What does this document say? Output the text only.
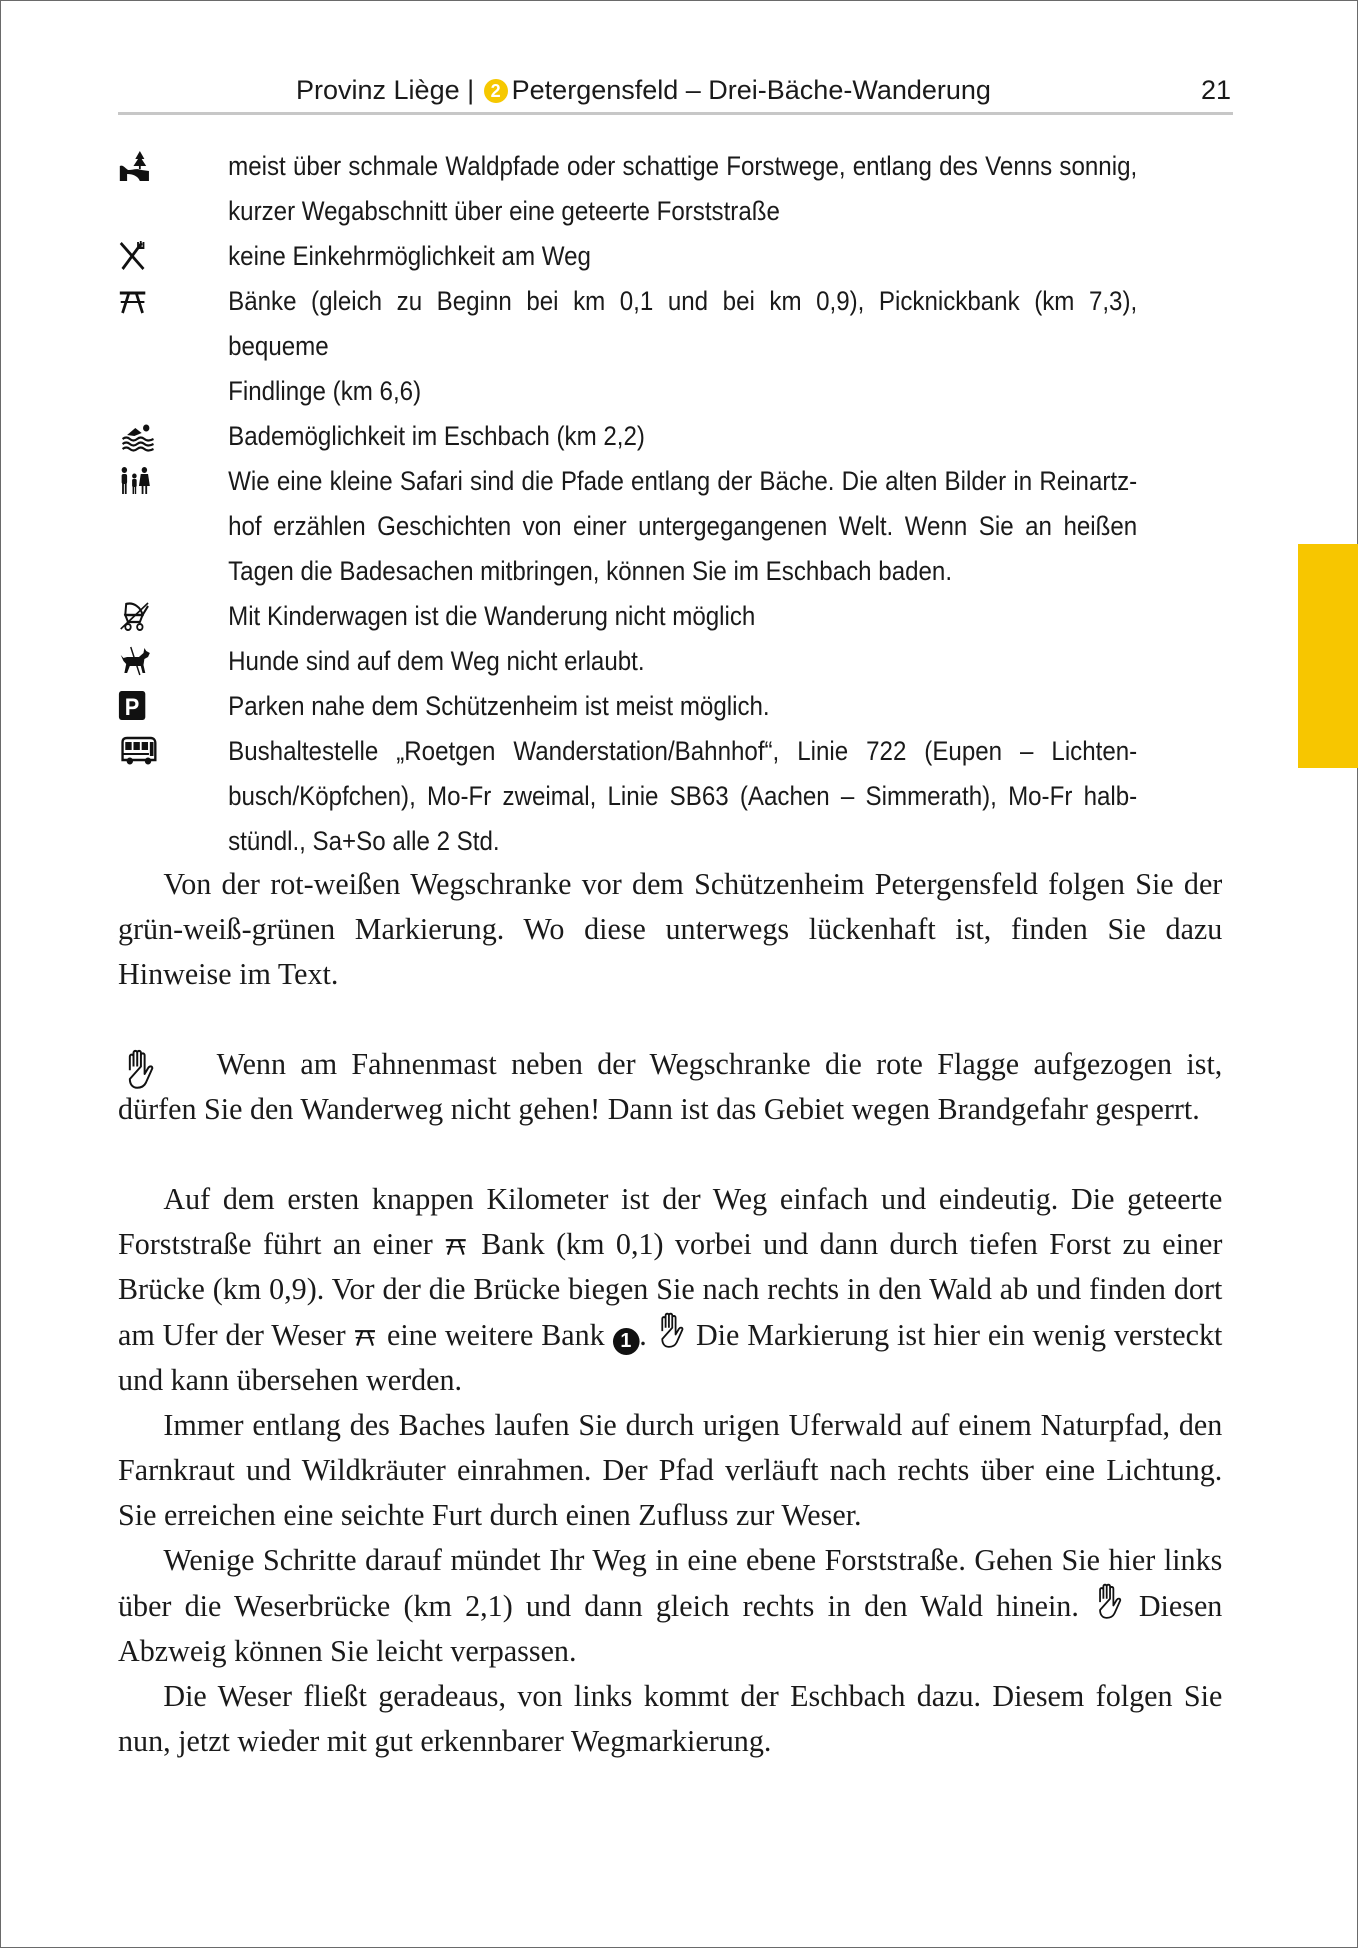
Provinz Liège | 2 Petergensfeld – Drei-Bäche-Wanderung	21
meist über schmale Waldpfade oder schattige Forstwege, entlang des Venns sonnig,
kurzer Wegabschnitt über eine geteerte Forststraße
keine Einkehrmöglichkeit am Weg
Bänke (gleich zu Beginn bei km 0,1 und bei km 0,9), Picknickbank (km 7,3), bequeme
Findlinge (km 6,6)
Bademöglichkeit im Eschbach (km 2,2)
Wie eine kleine Safari sind die Pfade entlang der Bäche. Die alten Bilder in Reinartz-
hof erzählen Geschichten von einer untergegangenen Welt. Wenn Sie an heißen
Tagen die Badesachen mitbringen, können Sie im Eschbach baden.
Mit Kinderwagen ist die Wanderung nicht möglich
Hunde sind auf dem Weg nicht erlaubt.
P	Parken nahe dem Schützenheim ist meist möglich.
Bushaltestelle „Roetgen Wanderstation/Bahnhof“, Linie 722 (Eupen – Lichten-
busch/Köpfchen), Mo-Fr zweimal, Linie SB63 (Aachen – Simmerath), Mo-Fr halb-
stündl., Sa+So alle 2 Std.

Von der rot-weißen Wegschranke vor dem Schützenheim Petergensfeld folgen Sie der grün-weiß-grünen Markierung. Wo diese unterwegs lückenhaft ist, finden Sie dazu Hinweise im Text.

Wenn am Fahnenmast neben der Wegschranke die rote Flagge aufgezogen ist, dürfen Sie den Wanderweg nicht gehen! Dann ist das Gebiet wegen Brandgefahr gesperrt.

Auf dem ersten knappen Kilometer ist der Weg einfach und eindeutig. Die geteerte Forststraße führt an einer Bank (km 0,1) vorbei und dann durch tiefen Forst zu einer Brücke (km 0,9). Vor der die Brücke biegen Sie nach rechts in den Wald ab und finden dort am Ufer der Weser eine weitere Bank 1 . Die Markierung ist hier ein wenig versteckt und kann übersehen werden.

Immer entlang des Baches laufen Sie durch urigen Uferwald auf einem Naturpfad, den Farnkraut und Wildkräuter einrahmen. Der Pfad verläuft nach rechts über eine Lichtung. Sie erreichen eine seichte Furt durch einen Zufluss zur Weser.

Wenige Schritte darauf mündet Ihr Weg in eine ebene Forststraße. Gehen Sie hier links über die Weserbrücke (km 2,1) und dann gleich rechts in den Wald hinein. Diesen Abzweig können Sie leicht verpassen.

Die Weser fließt geradeaus, von links kommt der Eschbach dazu. Diesem folgen Sie nun, jetzt wieder mit gut erkennbarer Wegmarkierung.
